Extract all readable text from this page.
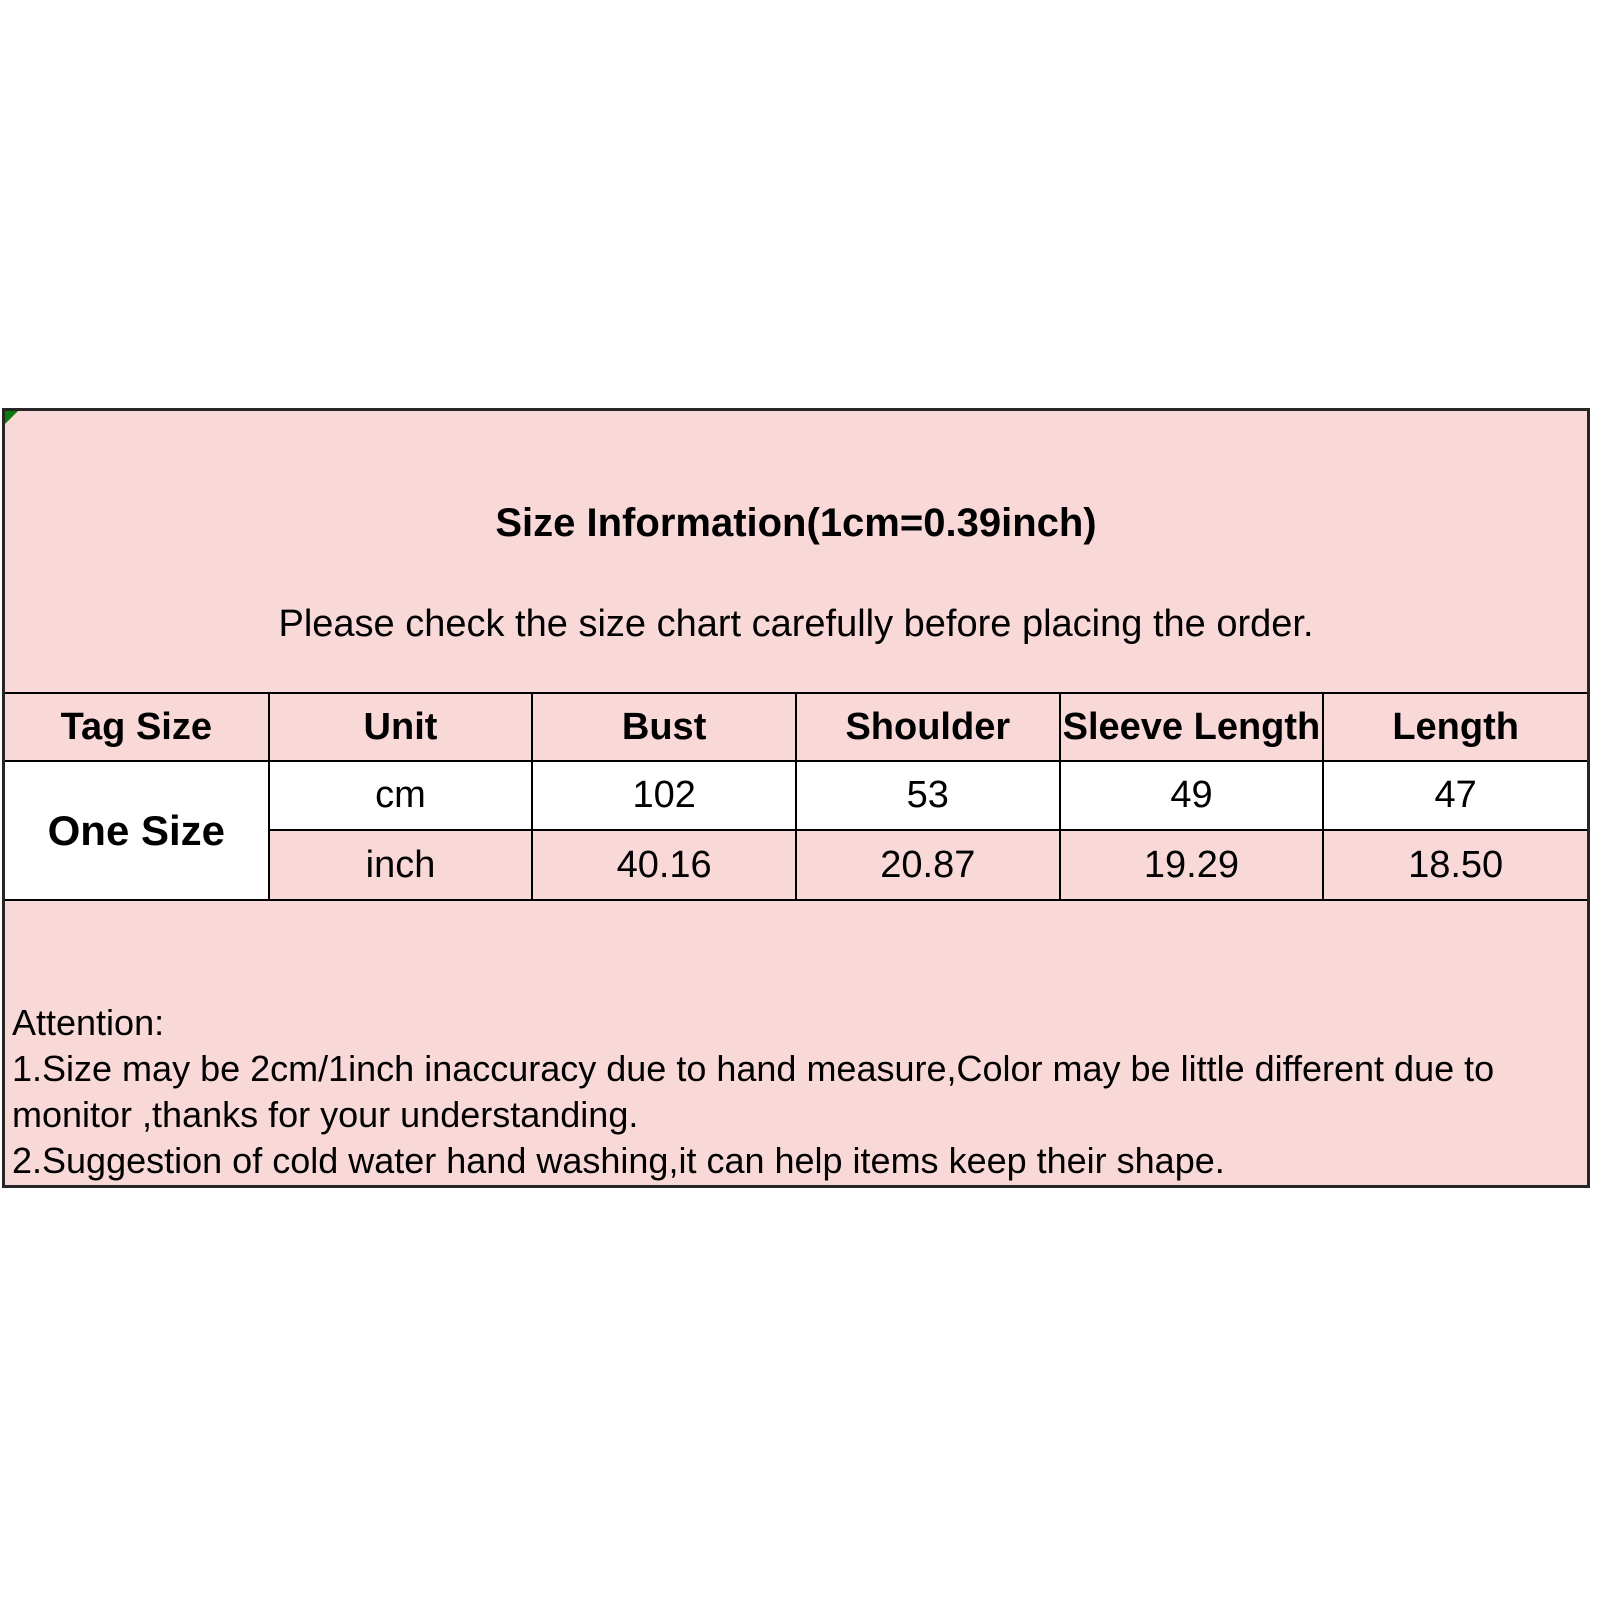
Size Information(1cm=0.39inch)
Please check the size chart carefully before placing the order.
Tag Size	Unit	Bust	Shoulder	Sleeve Length	Length
One Size	cm	102	53	49	47
	inch	40.16	20.87	19.29	18.50
Attention:
1.Size may be 2cm/1inch inaccuracy due to hand measure,Color may be little different due to
monitor ,thanks for your understanding.
2.Suggestion of cold water hand washing,it can help items keep their shape.
